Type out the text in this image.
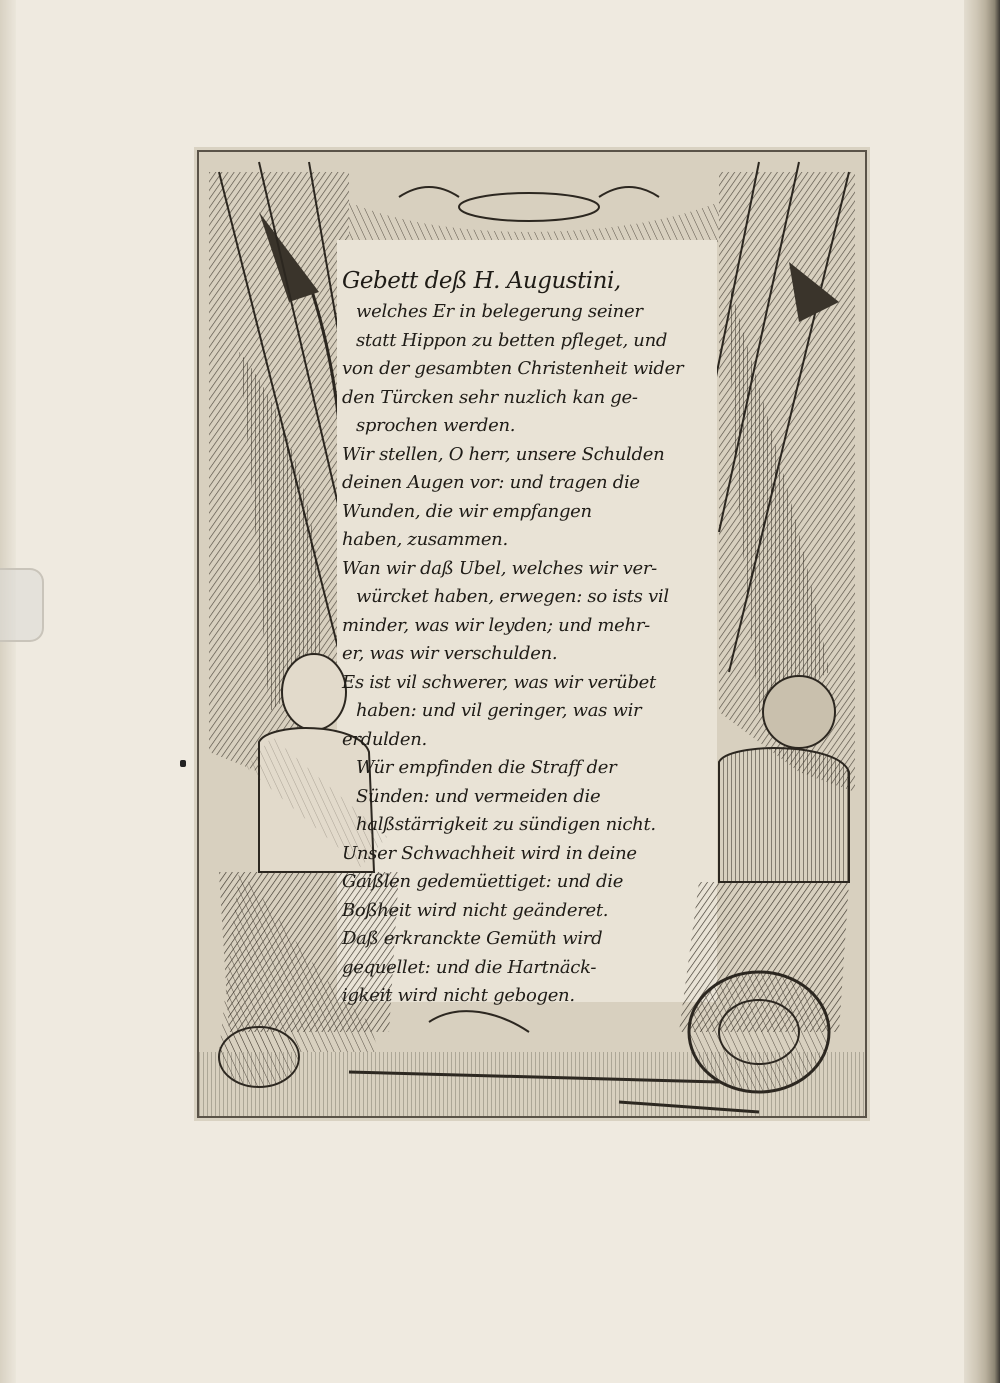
Gebett deß H. Augustini,
welches Er in belegerung seiner
statt Hippon zu betten pfleget, und
von der gesambten Christenheit wider
den Türcken sehr nuzlich kan ge-
sprochen werden.
Wir stellen, O herr, unsere Schulden
deinen Augen vor: und tragen die
Wunden, die wir empfangen
haben, zusammen.
Wan wir daß Ubel, welches wir ver-
würcket haben, erwegen: so ists vil
minder, was wir leyden; und mehr-
er, was wir verschulden.
Es ist vil schwerer, was wir verübet
haben: und vil geringer, was wir
erdulden.
Wür empfinden die Straff der
Sünden: und vermeiden die
halßstärrigkeit zu sündigen nicht.
Unser Schwachheit wird in deine
Gaißlen gedemüettiget: und die
Boßheit wird nicht geänderet.
Daß erkranckte Gemüth wird
gequellet: und die Hartnäck-
igkeit wird nicht gebogen.
